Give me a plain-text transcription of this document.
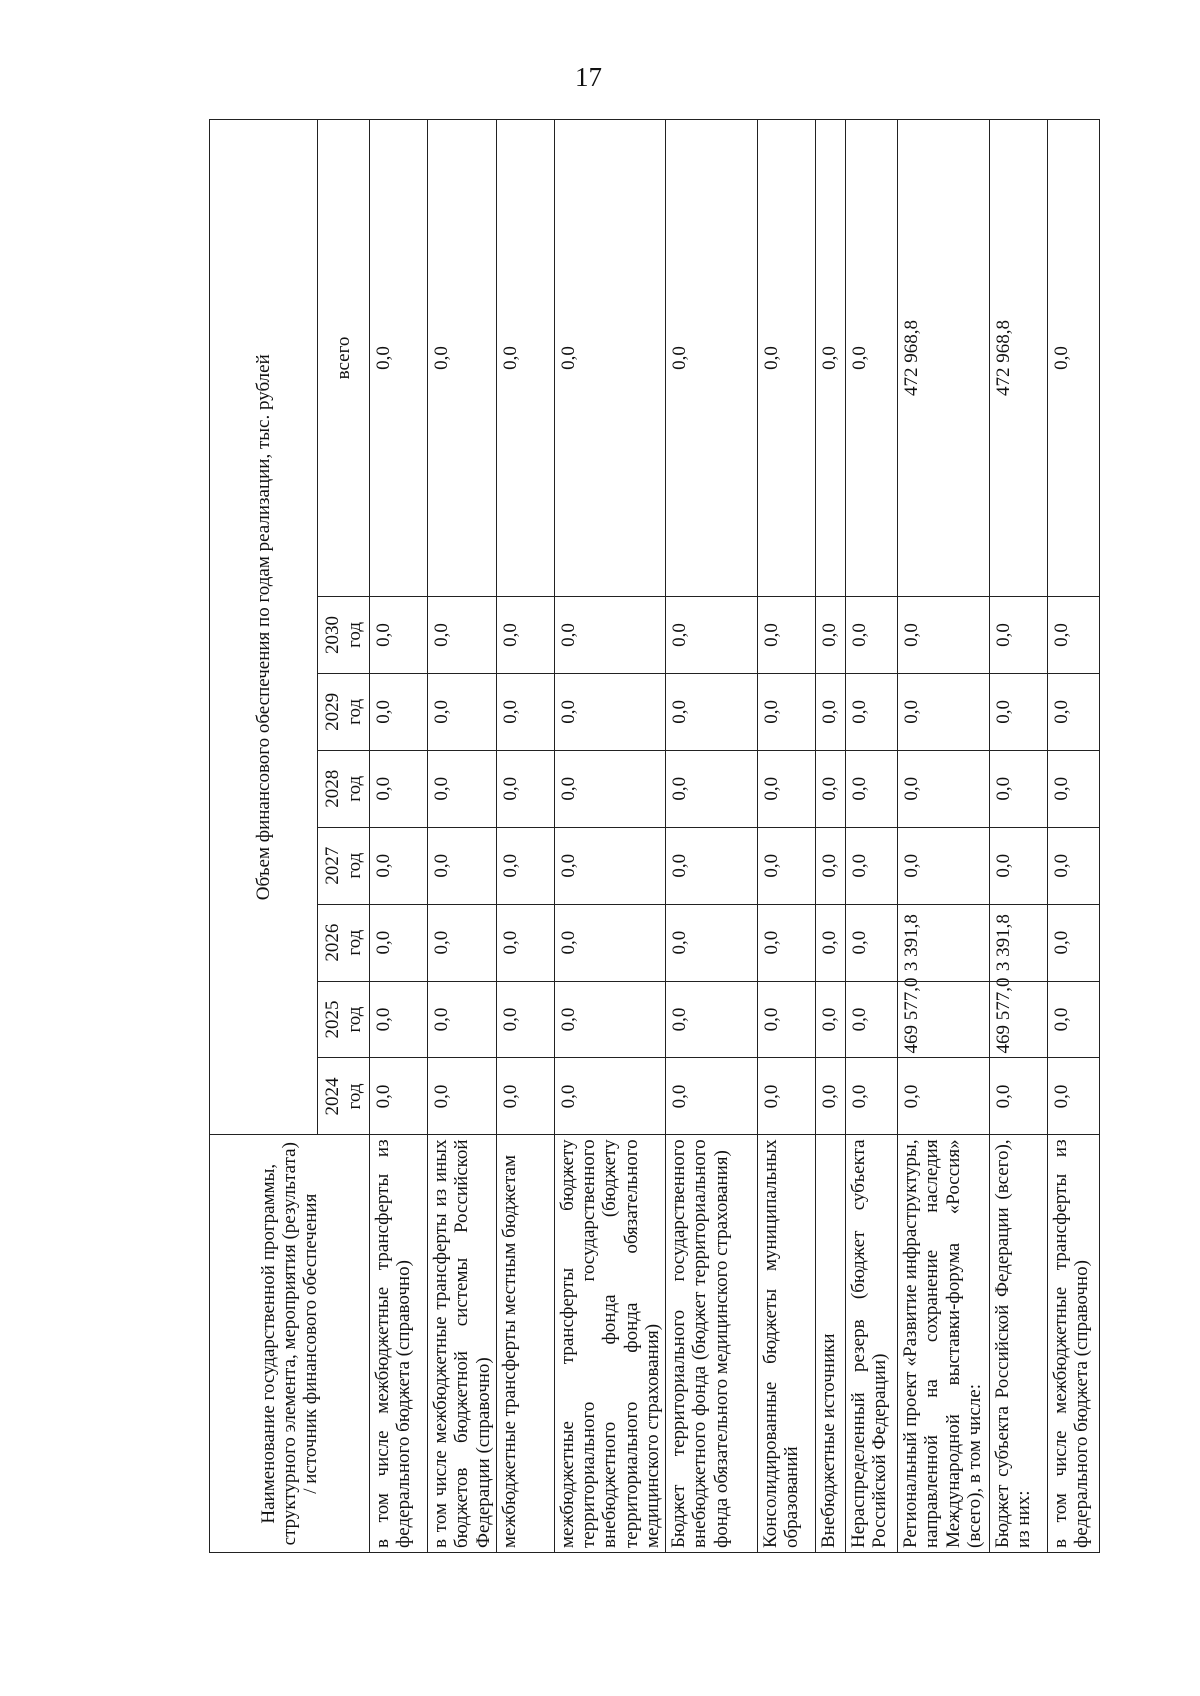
17
Наименование государственной программы, структурного элемента, мероприятия (результата) / источник финансового обеспечения	Объем финансового обеспечения по годам реализации, тыс. рублей							
	2024 год	2025 год	2026 год	2027 год	2028 год	2029 год	2030 год	всего
в том числе межбюджетные трансферты из федерального бюджета (справочно)	0,0	0,0	0,0	0,0	0,0	0,0	0,0	0,0
в том числе межбюджетные трансферты из иных бюджетов бюджетной системы Российской Федерации (справочно)	0,0	0,0	0,0	0,0	0,0	0,0	0,0	0,0
межбюджетные трансферты местным бюджетам	0,0	0,0	0,0	0,0	0,0	0,0	0,0	0,0
межбюджетные трансферты бюджету территориального государственного внебюджетного фонда (бюджету территориального фонда обязательного медицинского страхования)	0,0	0,0	0,0	0,0	0,0	0,0	0,0	0,0
Бюджет территориального государственного внебюджетного фонда (бюджет территориального фонда обязательного медицинского страхования)	0,0	0,0	0,0	0,0	0,0	0,0	0,0	0,0
Консолидированные бюджеты муниципальных образований	0,0	0,0	0,0	0,0	0,0	0,0	0,0	0,0
Внебюджетные источники	0,0	0,0	0,0	0,0	0,0	0,0	0,0	0,0
Нераспределенный резерв (бюджет субъекта Российской Федерации)	0,0	0,0	0,0	0,0	0,0	0,0	0,0	0,0
Региональный проект «Развитие инфраструктуры, направленной на сохранение наследия Международной выставки-форума «Россия» (всего), в том числе:	0,0	469 577,0	3 391,8	0,0	0,0	0,0	0,0	472 968,8
Бюджет субъекта Российской Федерации (всего), из них:	0,0	469 577,0	3 391,8	0,0	0,0	0,0	0,0	472 968,8
в том числе межбюджетные трансферты из федерального бюджета (справочно)	0,0	0,0	0,0	0,0	0,0	0,0	0,0	0,0
